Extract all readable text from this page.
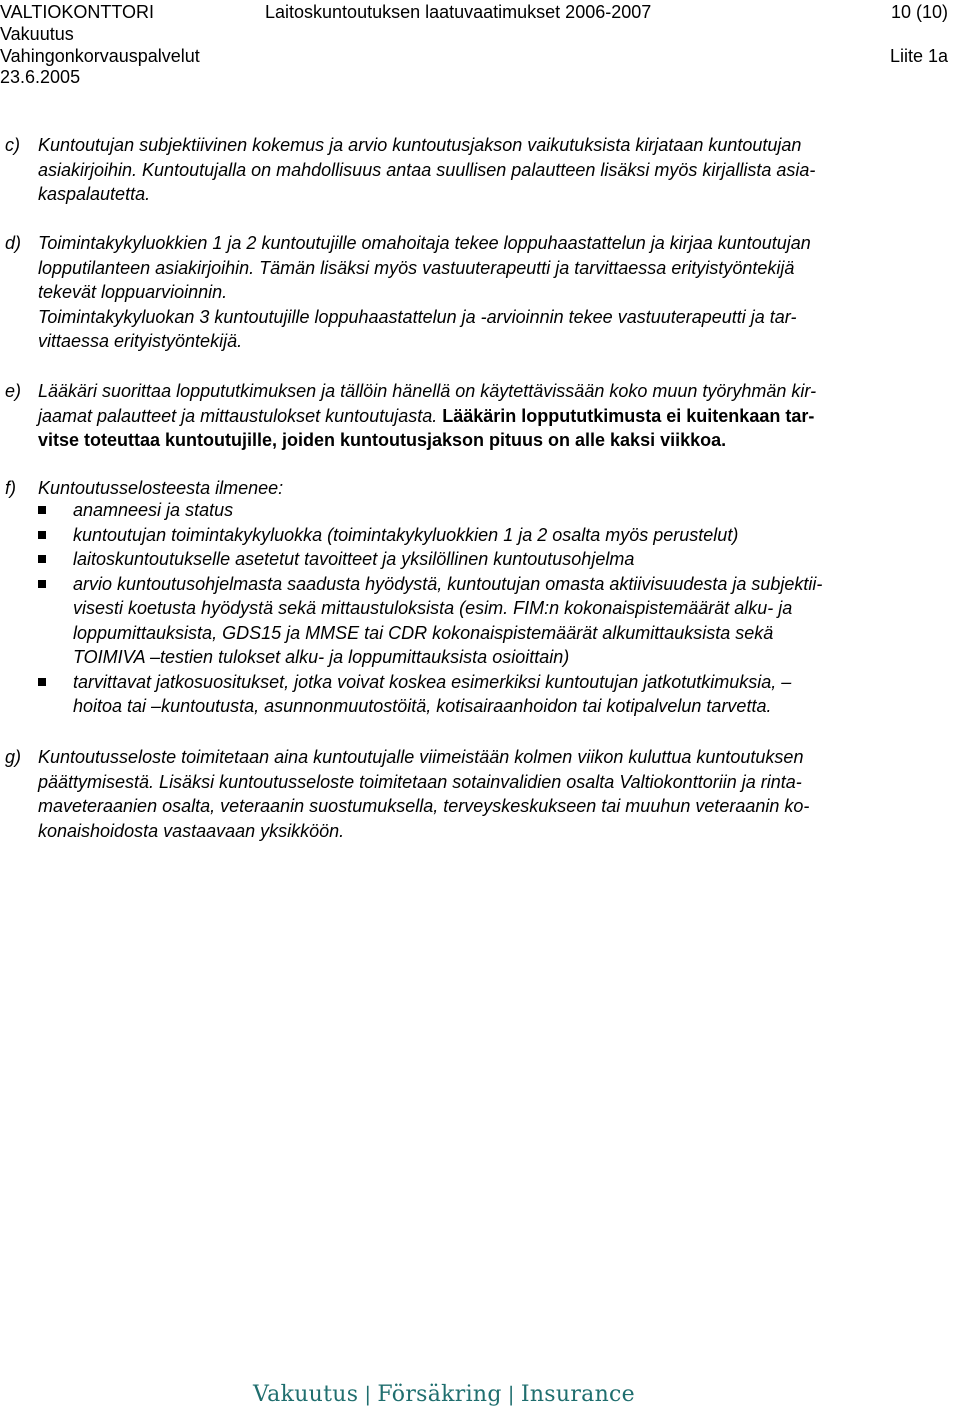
VALTIOKONTTORI
Vakuutus
Vahingonkorvauspalvelut
23.6.2005
Laitoskuntoutuksen laatuvaatimukset 2006-2007	10 (10)
Liite 1a
c)	Kuntoutujan subjektiivinen kokemus ja arvio kuntoutusjakson vaikutuksista kirjataan kuntoutujan
asiakirjoihin. Kuntoutujalla on mahdollisuus antaa suullisen palautteen lisäksi myös kirjallista asia-
kaspalautetta.
d) Toimintakykyluokkien 1 ja 2 kuntoutujille omahoitaja tekee loppuhaastattelun ja kirjaa kuntoutujan
lopputilanteen asiakirjoihin. Tämän lisäksi myös vastuuterapeutti ja tarvittaessa erityistyöntekijä
tekevät loppuarvioinnin.
Toimintakykyluokan 3 kuntoutujille loppuhaastattelun ja -arvioinnin tekee vastuuterapeutti ja tar-
vittaessa erityistyöntekijä.
e) Lääkäri suorittaa loppututkimuksen ja tällöin hänellä on käytettävissään koko muun työryhmän kir-
jaamat palautteet ja mittaustulokset kuntoutujasta. Lääkärin loppututkimusta ei kuitenkaan tar-
vitse toteuttaa kuntoutujille, joiden kuntoutusjakson pituus on alle kaksi viikkoa.
f) Kuntoutusselosteesta ilmenee:
anamneesi ja status
kuntoutujan toimintakykyluokka (toimintakykyluokkien 1 ja 2 osalta myös perustelut)
laitoskuntoutukselle asetetut tavoitteet ja yksilöllinen kuntoutusohjelma
arvio kuntoutusohjelmasta saadusta hyödystä, kuntoutujan omasta aktiivisuudesta ja subjektii-
visesti koetusta hyödystä sekä mittaustuloksista (esim. FIM:n kokonaispistemäärät alku- ja
loppumittauksista, GDS15 ja MMSE tai CDR kokonaispistemäärät alkumittauksista sekä
TOIMIVA –testien tulokset alku- ja loppumittauksista osioittain)
tarvittavat jatkosuositukset, jotka voivat koskea esimerkiksi kuntoutujan jatkotutkimuksia, –
hoitoa tai –kuntoutusta, asunnonmuutostöitä, kotisairaanhoidon tai kotipalvelun tarvetta.
g) Kuntoutusseloste toimitetaan aina kuntoutujalle viimeistään kolmen viikon kuluttua kuntoutuksen
päättymisestä. Lisäksi kuntoutusseloste toimitetaan sotainvalidien osalta Valtiokonttoriin ja rinta-
maveteraanien osalta, veteraanin suostumuksella, terveyskeskukseen tai muuhun veteraanin ko-
konaishoidosta vastaavaan yksikköön.
Vakuutus | Försäkring | Insurance
